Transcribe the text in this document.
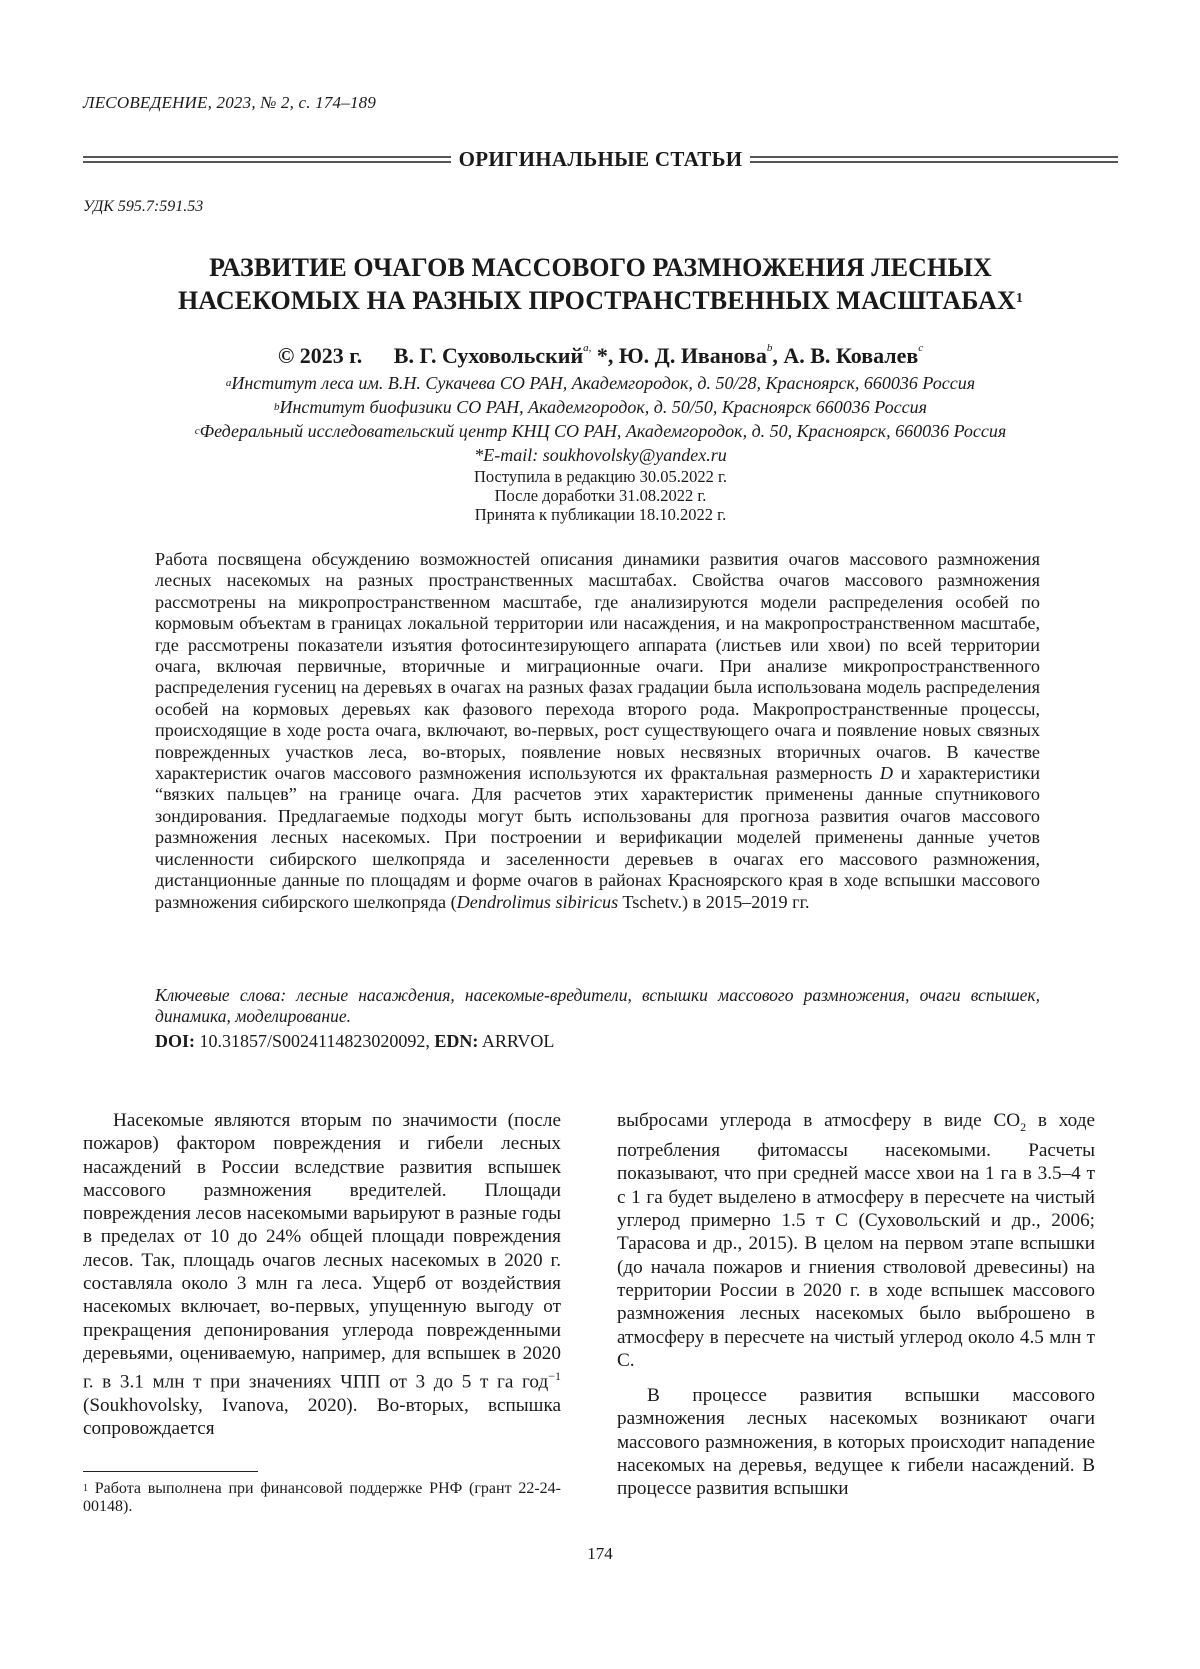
ЛЕСОВЕДЕНИЕ, 2023, № 2, с. 174–189
ОРИГИНАЛЬНЫЕ СТАТЬИ
УДК 595.7:591.53
РАЗВИТИЕ ОЧАГОВ МАССОВОГО РАЗМНОЖЕНИЯ ЛЕСНЫХ
НАСЕКОМЫХ НА РАЗНЫХ ПРОСТРАНСТВЕННЫХ МАСШТАБАХ$^1$
© 2023 г. В. Г. Суховольский$^{a,}$ *, Ю. Д. Иванова$^b$, А. В. Ковалев$^c$
$^a$Институт леса им. В.Н. Сукачева СО РАН, Академгородок, д. 50/28, Красноярск, 660036 Россия
$^b$Институт биофизики СО РАН, Академгородок, д. 50/50, Красноярск 660036 Россия
$^c$Федеральный исследовательский центр КНЦ СО РАН, Академгородок, д. 50, Красноярск, 660036 Россия
*E-mail: soukhovolsky@yandex.ru
Поступила в редакцию 30.05.2022 г.
После доработки 31.08.2022 г.
Принята к публикации 18.10.2022 г.
Работа посвящена обсуждению возможностей описания динамики развития очагов массового размножения лесных насекомых на разных пространственных масштабах. Свойства очагов массового размножения рассмотрены на микропространственном масштабе, где анализируются модели распределения особей по кормовым объектам в границах локальной территории или насаждения, и на макропространственном масштабе, где рассмотрены показатели изъятия фотосинтезирующего аппарата (листьев или хвои) по всей территории очага, включая первичные, вторичные и миграционные очаги. При анализе микропространственного распределения гусениц на деревьях в очагах на разных фазах градации была использована модель распределения особей на кормовых деревьях как фазового перехода второго рода. Макропространственные процессы, происходящие в ходе роста очага, включают, во-первых, рост существующего очага и появление новых связных поврежденных участков леса, во-вторых, появление новых несвязных вторичных очагов. В качестве характеристик очагов массового размножения используются их фрактальная размерность D и характеристики “вязких пальцев” на границе очага. Для расчетов этих характеристик применены данные спутникового зондирования. Предлагаемые подходы могут быть использованы для прогноза развития очагов массового размножения лесных насекомых. При построении и верификации моделей применены данные учетов численности сибирского шелкопряда и заселенности деревьев в очагах его массового размножения, дистанционные данные по площадям и форме очагов в районах Красноярского края в ходе вспышки массового размножения сибирского шелкопряда (Dendrolimus sibiricus Tschetv.) в 2015–2019 гг.
Ключевые слова: лесные насаждения, насекомые-вредители, вспышки массового размножения, очаги вспышек, динамика, моделирование.
DOI: 10.31857/S0024114823020092, EDN: ARRVOL

Насекомые являются вторым по значимости (после пожаров) фактором повреждения и гибели лесных насаждений в России вследствие развития вспышек массового размножения вредителей. Площади повреждения лесов насекомыми варьируют в разные годы в пределах от 10 до 24% общей площади повреждения лесов. Так, площадь очагов лесных насекомых в 2020 г. составляла около 3 млн га леса. Ущерб от воздействия насекомых включает, во-первых, упущенную выгоду от прекращения депонирования углерода поврежденными деревьями, оцениваемую, например, для вспышек в 2020 г. в 3.1 млн т при значениях ЧПП от 3 до 5 т га год$^{-1}$ (Soukhovolsky, Ivanova, 2020). Во-вторых, вспышка сопровождается

выбросами углерода в атмосферу в виде $CO_2$ в ходе потребления фитомассы насекомыми. Расчеты показывают, что при средней массе хвои на 1 га в 3.5–4 т с 1 га будет выделено в атмосферу в пересчете на чистый углерод примерно 1.5 т С (Суховольский и др., 2006; Тарасова и др., 2015). В целом на первом этапе вспышки (до начала пожаров и гниения стволовой древесины) на территории России в 2020 г. в ходе вспышек массового размножения лесных насекомых было выброшено в атмосферу в пересчете на чистый углерод около 4.5 млн т С.

В процессе развития вспышки массового размножения лесных насекомых возникают очаги массового размножения, в которых происходит нападение насекомых на деревья, ведущее к гибели насаждений. В процессе развития вспышки

$^1$ Работа выполнена при финансовой поддержке РНФ (грант 22-24-00148).
174
